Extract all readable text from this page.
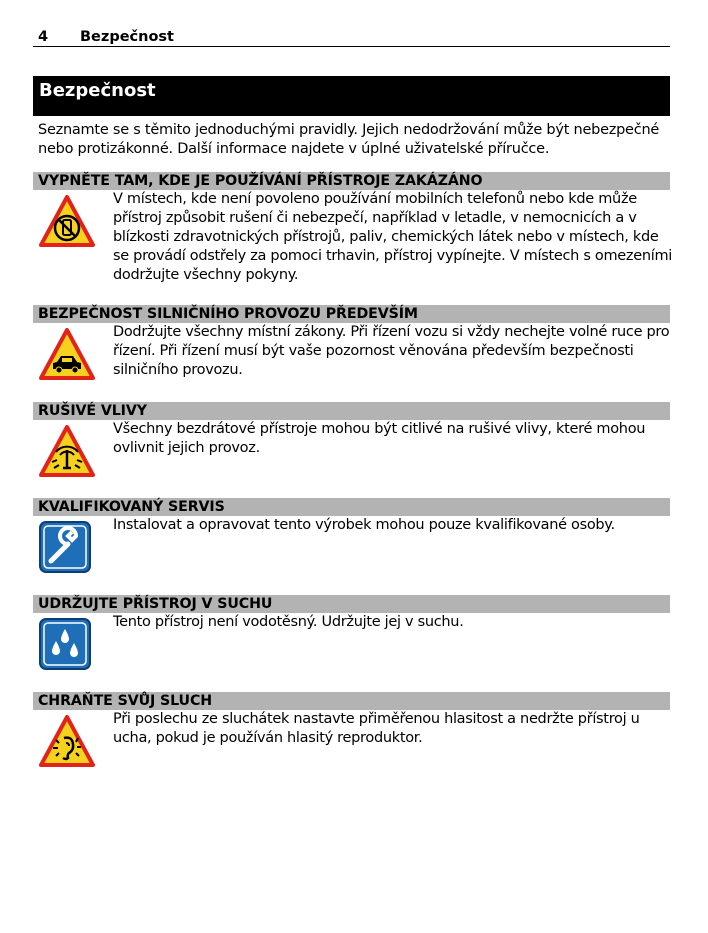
4 Bezpečnost
Bezpečnost
Seznamte se s těmito jednoduchými pravidly. Jejich nedodržování může být nebezpečné nebo protizákonné. Další informace najdete v úplné uživatelské příručce.
VYPNĚTE TAM, KDE JE POUŽÍVÁNÍ PŘÍSTROJE ZAKÁZÁNO
V místech, kde není povoleno používání mobilních telefonů nebo kde může přístroj způsobit rušení či nebezpečí, například v letadle, v nemocnicích a v blízkosti zdravotnických přístrojů, paliv, chemických látek nebo v místech, kde se provádí odstřely za pomoci trhavin, přístroj vypínejte. V místech s omezeními dodržujte všechny pokyny.
BEZPEČNOST SILNIČNÍHO PROVOZU PŘEDEVŠÍM
Dodržujte všechny místní zákony. Při řízení vozu si vždy nechejte volné ruce pro řízení. Při řízení musí být vaše pozornost věnována především bezpečnosti silničního provozu.
RUŠIVÉ VLIVY
Všechny bezdrátové přístroje mohou být citlivé na rušivé vlivy, které mohou ovlivnit jejich provoz.
KVALIFIKOVANÝ SERVIS
Instalovat a opravovat tento výrobek mohou pouze kvalifikované osoby.
UDRŽUJTE PŘÍSTROJ V SUCHU
Tento přístroj není vodotěsný. Udržujte jej v suchu.
CHRAŇTE SVŮJ SLUCH
Při poslechu ze sluchátek nastavte přiměřenou hlasitost a nedržte přístroj u ucha, pokud je používán hlasitý reproduktor.
